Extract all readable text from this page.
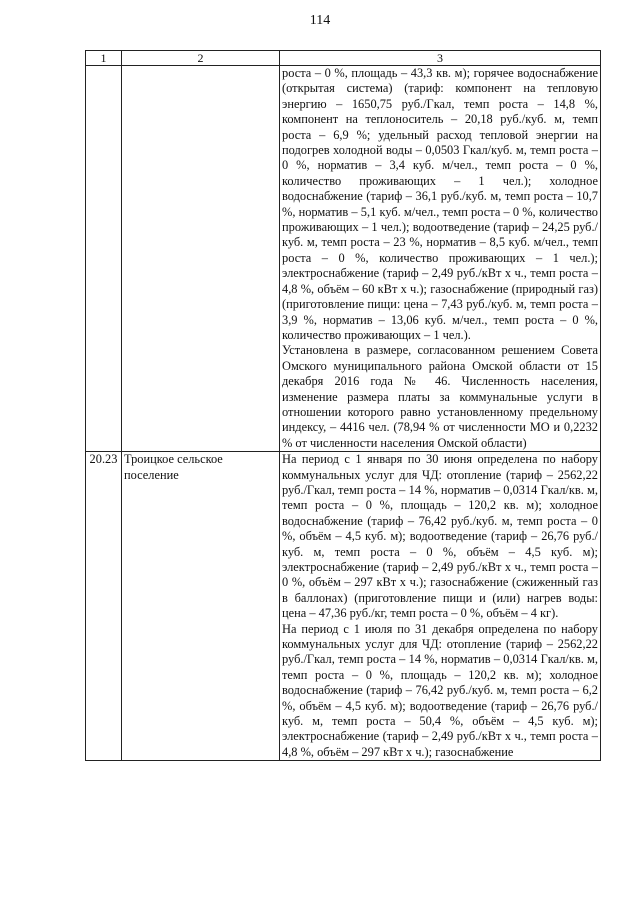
114
1	2	3

		роста – 0 %, площадь – 43,3 кв. м); горячее водоснабжение (открытая система) (тариф: компонент на тепловую энергию – 1650,75 руб./Гкал, темп роста – 14,8 %, компонент на теплоноситель – 20,18 руб./куб. м, темп роста – 6,9 %; удельный расход тепловой энергии на подогрев холодной воды – 0,0503 Гкал/куб. м, темп роста – 0 %, норматив – 3,4 куб. м/чел., темп роста – 0 %, количество проживающих – 1 чел.); холодное водоснабжение (тариф – 36,1 руб./куб. м, темп роста – 10,7 %, норматив – 5,1 куб. м/чел., темп роста – 0 %, количество проживающих – 1 чел.); водоотведение (тариф – 24,25 руб./куб. м, темп роста – 23 %, норматив – 8,5 куб. м/чел., темп роста – 0 %, количество проживающих – 1 чел.); электроснабжение (тариф – 2,49 руб./кВт х ч., темп роста – 4,8 %, объём – 60 кВт х ч.); газоснабжение (природный газ) (приготовление пищи: цена – 7,43 руб./куб. м, темп роста – 3,9 %, норматив – 13,06 куб. м/чел., темп роста – 0 %, количество проживающих – 1 чел.).
Установлена в размере, согласованном решением Совета Омского муниципального района Омской области от 15 декабря 2016 года № 46. Численность населения, изменение размера платы за коммунальные услуги в отношении которого равно установленному предельному индексу, – 4416 чел. (78,94 % от численности МО и 0,2232 % от численности населения Омской области)

20.23	Троицкое сельское поселение	На период с 1 января по 30 июня определена по набору коммунальных услуг для ЧД: отопление (тариф – 2562,22 руб./Гкал, темп роста – 14 %, норматив – 0,0314 Гкал/кв. м, темп роста – 0 %, площадь – 120,2 кв. м); холодное водоснабжение (тариф – 76,42 руб./куб. м, темп роста – 0 %, объём – 4,5 куб. м); водоотведение (тариф – 26,76 руб./куб. м, темп роста – 0 %, объём – 4,5 куб. м); электроснабжение (тариф – 2,49 руб./кВт х ч., темп роста – 0 %, объём – 297 кВт х ч.); газоснабжение (сжиженный газ в баллонах) (приготовление пищи и (или) нагрев воды: цена – 47,36 руб./кг, темп роста – 0 %, объём – 4 кг).
На период с 1 июля по 31 декабря определена по набору коммунальных услуг для ЧД: отопление (тариф – 2562,22 руб./Гкал, темп роста – 14 %, норматив – 0,0314 Гкал/кв. м, темп роста – 0 %, площадь – 120,2 кв. м); холодное водоснабжение (тариф – 76,42 руб./куб. м, темп роста – 6,2 %, объём – 4,5 куб. м); водоотведение (тариф – 26,76 руб./куб. м, темп роста – 50,4 %, объём – 4,5 куб. м); электроснабжение (тариф – 2,49 руб./кВт х ч., темп роста – 4,8 %, объём – 297 кВт х ч.); газоснабжение
